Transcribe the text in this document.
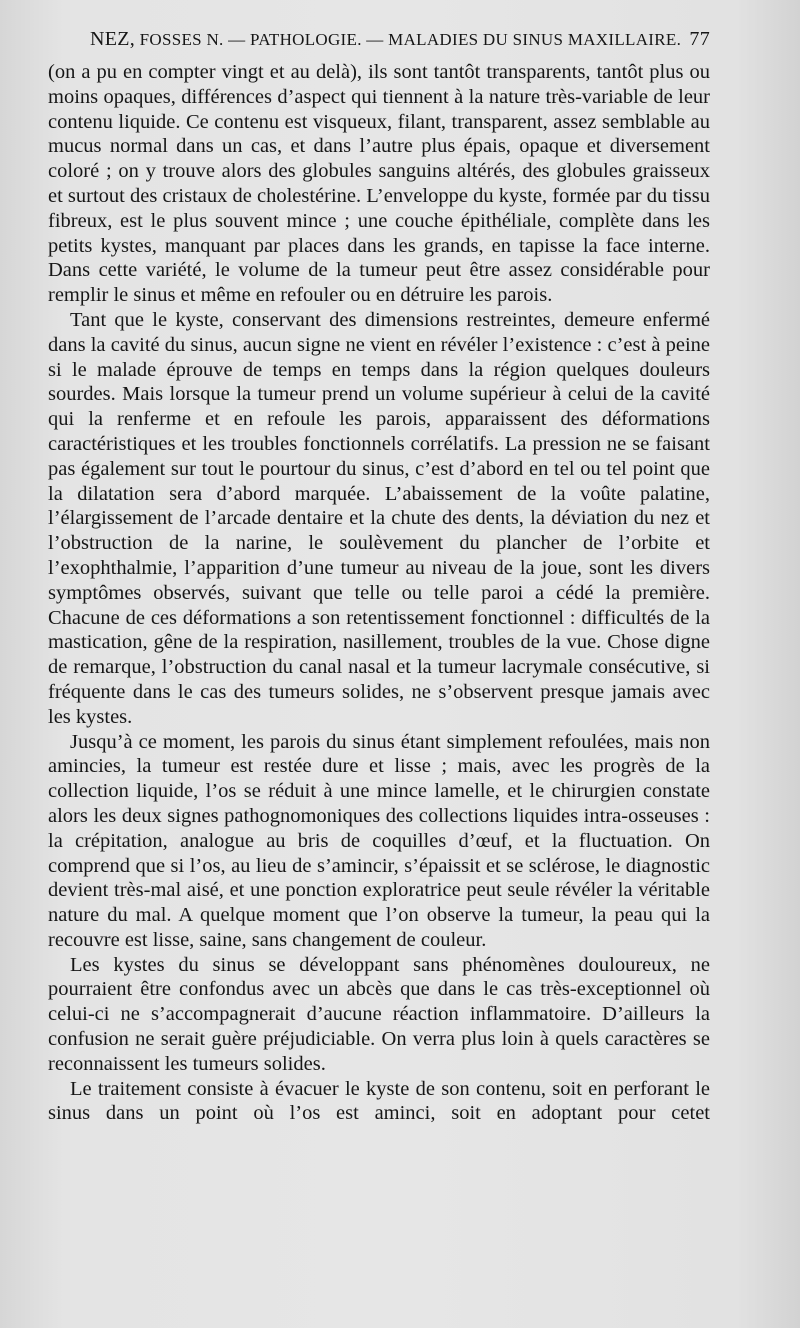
NEZ, FOSSES N. — PATHOLOGIE. — MALADIES DU SINUS MAXILLAIRE. 77

(on a pu en compter vingt et au delà), ils sont tantôt transparents, tantôt plus ou moins opaques, différences d’aspect qui tiennent à la nature très-variable de leur contenu liquide. Ce contenu est visqueux, filant, transparent, assez semblable au mucus normal dans un cas, et dans l’autre plus épais, opaque et diversement coloré ; on y trouve alors des globules sanguins altérés, des globules graisseux et surtout des cristaux de cholestérine. L’enveloppe du kyste, formée par du tissu fibreux, est le plus souvent mince ; une couche épithéliale, complète dans les petits kystes, manquant par places dans les grands, en tapisse la face interne. Dans cette variété, le volume de la tumeur peut être assez considérable pour remplir le sinus et même en refouler ou en détruire les parois.

Tant que le kyste, conservant des dimensions restreintes, demeure enfermé dans la cavité du sinus, aucun signe ne vient en révéler l’existence : c’est à peine si le malade éprouve de temps en temps dans la région quelques douleurs sourdes. Mais lorsque la tumeur prend un volume supérieur à celui de la cavité qui la renferme et en refoule les parois, apparaissent des déformations caractéristiques et les troubles fonctionnels corrélatifs. La pression ne se faisant pas également sur tout le pourtour du sinus, c’est d’abord en tel ou tel point que la dilatation sera d’abord marquée. L’abaissement de la voûte palatine, l’élargissement de l’arcade dentaire et la chute des dents, la déviation du nez et l’obstruction de la narine, le soulèvement du plancher de l’orbite et l’exophthalmie, l’apparition d’une tumeur au niveau de la joue, sont les divers symptômes observés, suivant que telle ou telle paroi a cédé la première. Chacune de ces déformations a son retentissement fonctionnel : difficultés de la mastication, gêne de la respiration, nasillement, troubles de la vue. Chose digne de remarque, l’obstruction du canal nasal et la tumeur lacrymale consécutive, si fréquente dans le cas des tumeurs solides, ne s’observent presque jamais avec les kystes.

Jusqu’à ce moment, les parois du sinus étant simplement refoulées, mais non amincies, la tumeur est restée dure et lisse ; mais, avec les progrès de la collection liquide, l’os se réduit à une mince lamelle, et le chirurgien constate alors les deux signes pathognomoniques des collections liquides intra-osseuses : la crépitation, analogue au bris de coquilles d’œuf, et la fluctuation. On comprend que si l’os, au lieu de s’amincir, s’épaissit et se sclérose, le diagnostic devient très-mal aisé, et une ponction exploratrice peut seule révéler la véritable nature du mal. A quelque moment que l’on observe la tumeur, la peau qui la recouvre est lisse, saine, sans changement de couleur.

Les kystes du sinus se développant sans phénomènes douloureux, ne pourraient être confondus avec un abcès que dans le cas très-exceptionnel où celui-ci ne s’accompagnerait d’aucune réaction inflammatoire. D’ailleurs la confusion ne serait guère préjudiciable. On verra plus loin à quels caractères se reconnaissent les tumeurs solides.

Le traitement consiste à évacuer le kyste de son contenu, soit en perforant le sinus dans un point où l’os est aminci, soit en adoptant pour cetet
